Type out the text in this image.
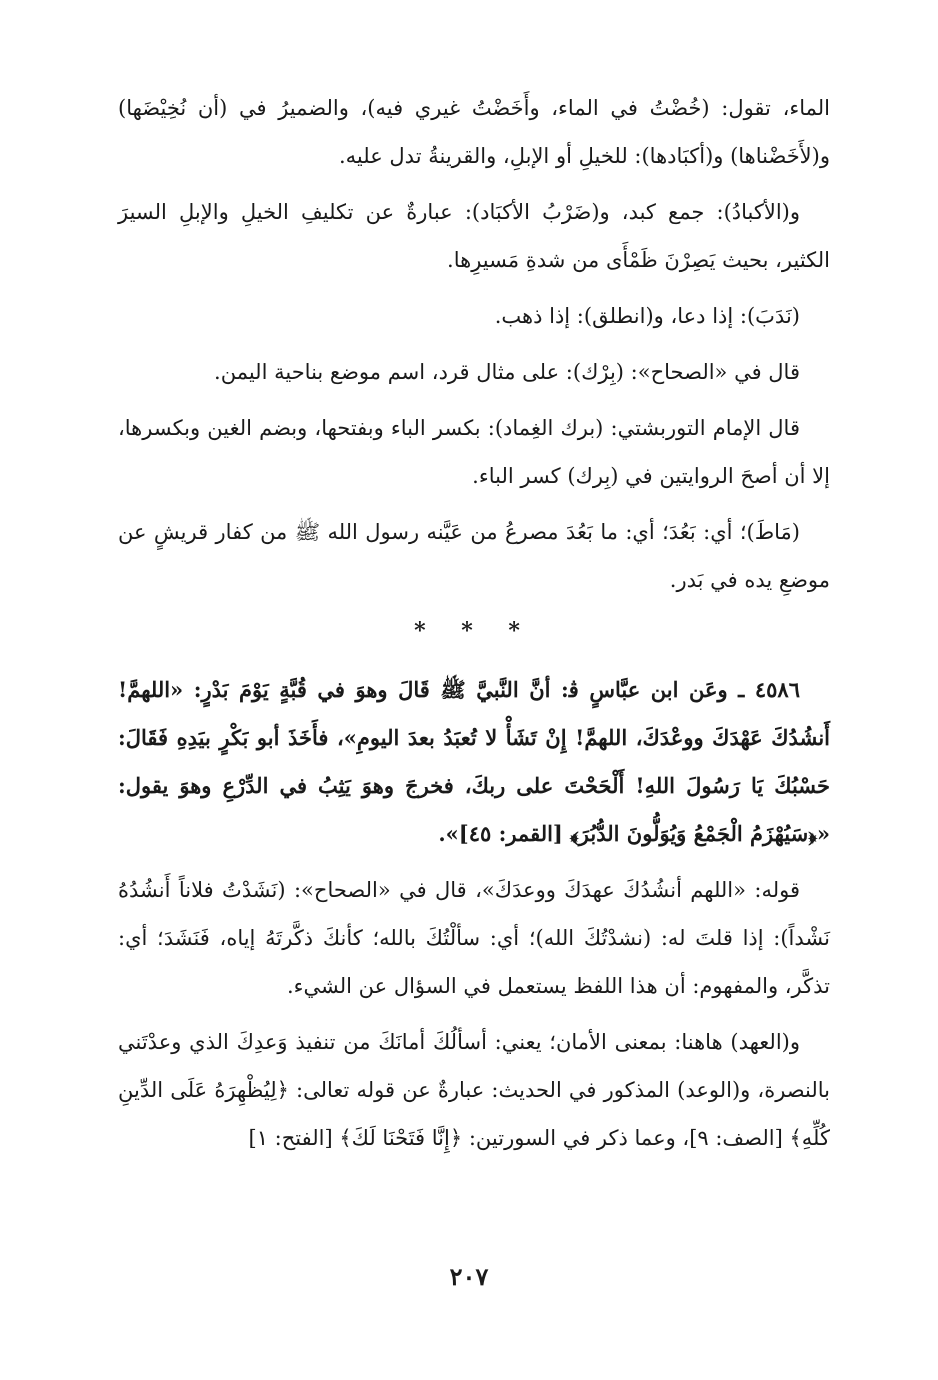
الماء، تقول: (خُضْتُ في الماء، وأَخَضْتُ غيري فيه)، والضميرُ في (أن نُخِيْضَها) و(لأَخَضْناها) و(أكبَادها): للخيلِ أو الإبلِ، والقرينةُ تدل عليه.

و(الأكبادُ): جمع كبد، و(ضَرْبُ الأكبَاد): عبارةٌ عن تكليفِ الخيلِ والإبلِ السيرَ الكثير، بحيث يَصِرْنَ ظَمْأَى من شدةِ مَسيرِها.

(نَدَبَ): إذا دعا، و(انطلق): إذا ذهب.

قال في «الصحاح»: (بِرْك): على مثال قرد، اسم موضع بناحية اليمن.

قال الإمام التوربشتي: (برك الغِماد): بكسر الباء وبفتحها، وبضم الغين وبكسرها، إلا أن أصحَ الروايتين في (بِرك) كسر الباء.

(مَاطَ)؛ أي: بَعُدَ؛ أي: ما بَعُدَ مصرعُ من عَيَّنه رسول الله ﷺ من كفار قريشٍ عن موضعِ يده في بَدر.

* * *

٤٥٨٦ ـ وعَن ابن عبَّاسٍ ﭬ: أنَّ النَّبيَّ ﷺ قَالَ وهوَ في قُبَّةٍ يَوْمَ بَدْرٍ: «اللهمَّ! أَنشُدُكَ عَهْدَكَ ووعْدَكَ، اللهمَّ! إِنْ تَشَأْ لا تُعبَدُ بعدَ اليومِ»، فأَخَذَ أبو بَكْرٍ بيَدِهِ فَقَالَ: حَسْبُكَ يَا رَسُولَ اللهِ! أَلْحَحْتَ على ربكَ، فخرجَ وهوَ يَثِبُ في الدِّرْعِ وهوَ يقول: «﴿سَيُهْزَمُ الْجَمْعُ وَيُوَلُّونَ الدُّبُرَ﴾ [القمر: ٤٥]».

قوله: «اللهم أنشُدُكَ عهدَكَ ووعدَكَ»، قال في «الصحاح»: (نَشَدْتُ فلاناً أَنشُدُهُ نَشْداً): إذا قلتَ له: (نشدْتُكَ الله)؛ أي: سألْتُكَ بالله؛ كأنكَ ذكَّرتَهُ إياه، فَنَشَدَ؛ أي: تذكَّر، والمفهوم: أن هذا اللفظ يستعمل في السؤال عن الشيء.

و(العهد) هاهنا: بمعنى الأمان؛ يعني: أسألُكَ أمانَكَ من تنفيذ وَعدِكَ الذي وعدْتَني بالنصرة، و(الوعد) المذكور في الحديث: عبارةٌ عن قوله تعالى: ﴿لِيُظْهِرَهُ عَلَى الدِّينِ كُلِّهِ﴾ [الصف: ٩]، وعما ذكر في السورتين: ﴿إِنَّا فَتَحْنَا لَكَ﴾ [الفتح: ١]

٢٠٧
